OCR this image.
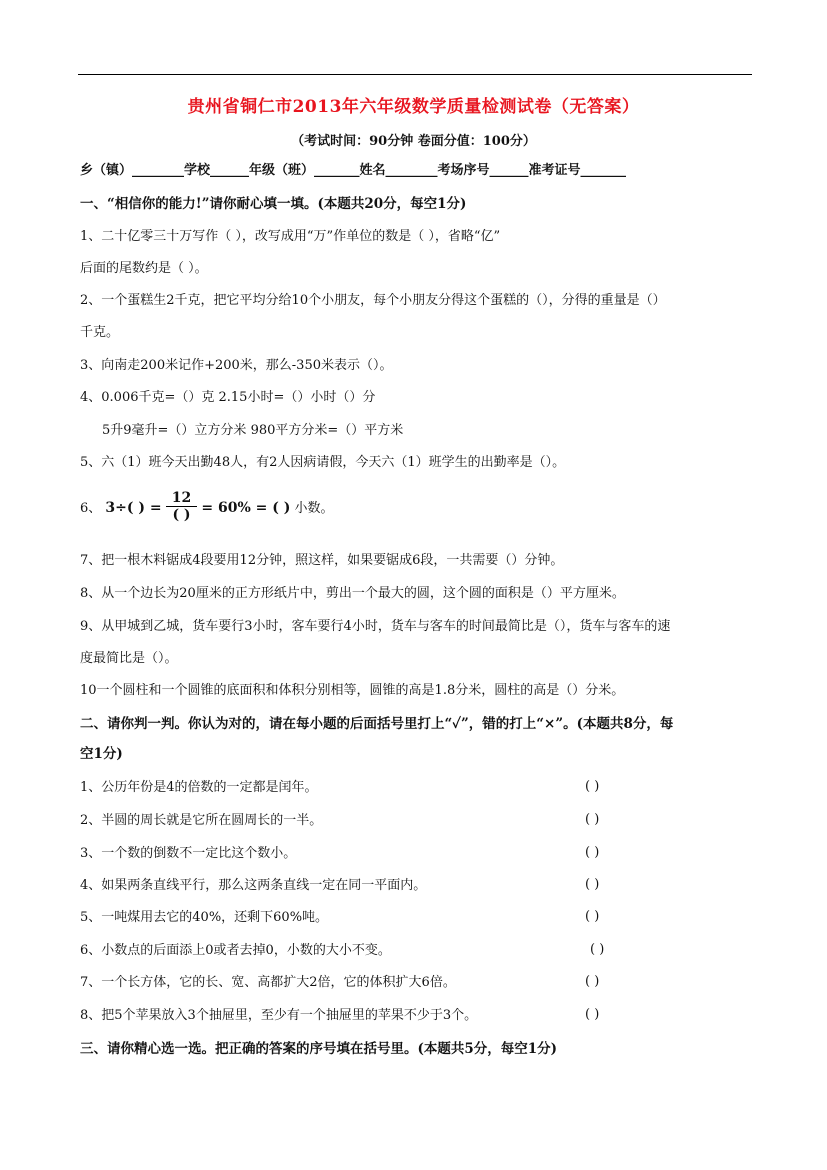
贵州省铜仁市2013年六年级数学质量检测试卷（无答案）
（考试时间：90分钟 卷面分值：100分）
乡（镇）________学校______年级（班）_______姓名________考场序号______准考证号_______
一、“相信你的能力!”请你耐心填一填。(本题共20分，每空1分)
1、二十亿零三十万写作（ ），改写成用“万”作单位的数是（ ），省略“亿”
后面的尾数约是（ ）。
2、一个蛋糕生2千克，把它平均分给10个小朋友，每个小朋友分得这个蛋糕的（），分得的重量是（）
千克。
3、向南走200米记作+200米，那么-350米表示（）。
4、0.006千克=（）克 2.15小时=（）小时（）分
5升9毫升=（）立方分米 980平方分米=（）平方米
5、六（1）班今天出勤48人，有2人因病请假，今天六（1）班学生的出勤率是（）。
6、 3÷( ) = $\frac{12}{( )} = 60\%$ = ( ) 小数。
7、把一根木料锯成4段要用12分钟，照这样，如果要锯成6段，一共需要（）分钟。
8、从一个边长为20厘米的正方形纸片中，剪出一个最大的圆，这个圆的面积是（）平方厘米。
9、从甲城到乙城，货车要行3小时，客车要行4小时，货车与客车的时间最简比是（），货车与客车的速
度最简比是（）。
10一个圆柱和一个圆锥的底面积和体积分别相等，圆锥的高是1.8分米，圆柱的高是（）分米。
二、请你判一判。你认为对的，请在每小题的后面括号里打上“✓”，错的打上“×”。(本题共8分，每
空1分)
1、公历年份是4的倍数的一定都是闰年。	( )
2、半圆的周长就是它所在圆周长的一半。	( )
3、一个数的倒数不一定比这个数小。	( )
4、如果两条直线平行，那么这两条直线一定在同一平面内。	( )
5、一吨煤用去它的40%，还剩下60%吨。	( )
6、小数点的后面添上0或者去掉0，小数的大小不变。	( )
7、一个长方体，它的长、宽、高都扩大2倍，它的体积扩大6倍。	( )
8、把5个苹果放入3个抽屉里，至少有一个抽屉里的苹果不少于3个。	( )
三、请你精心选一选。把正确的答案的序号填在括号里。(本题共5分，每空1分)
